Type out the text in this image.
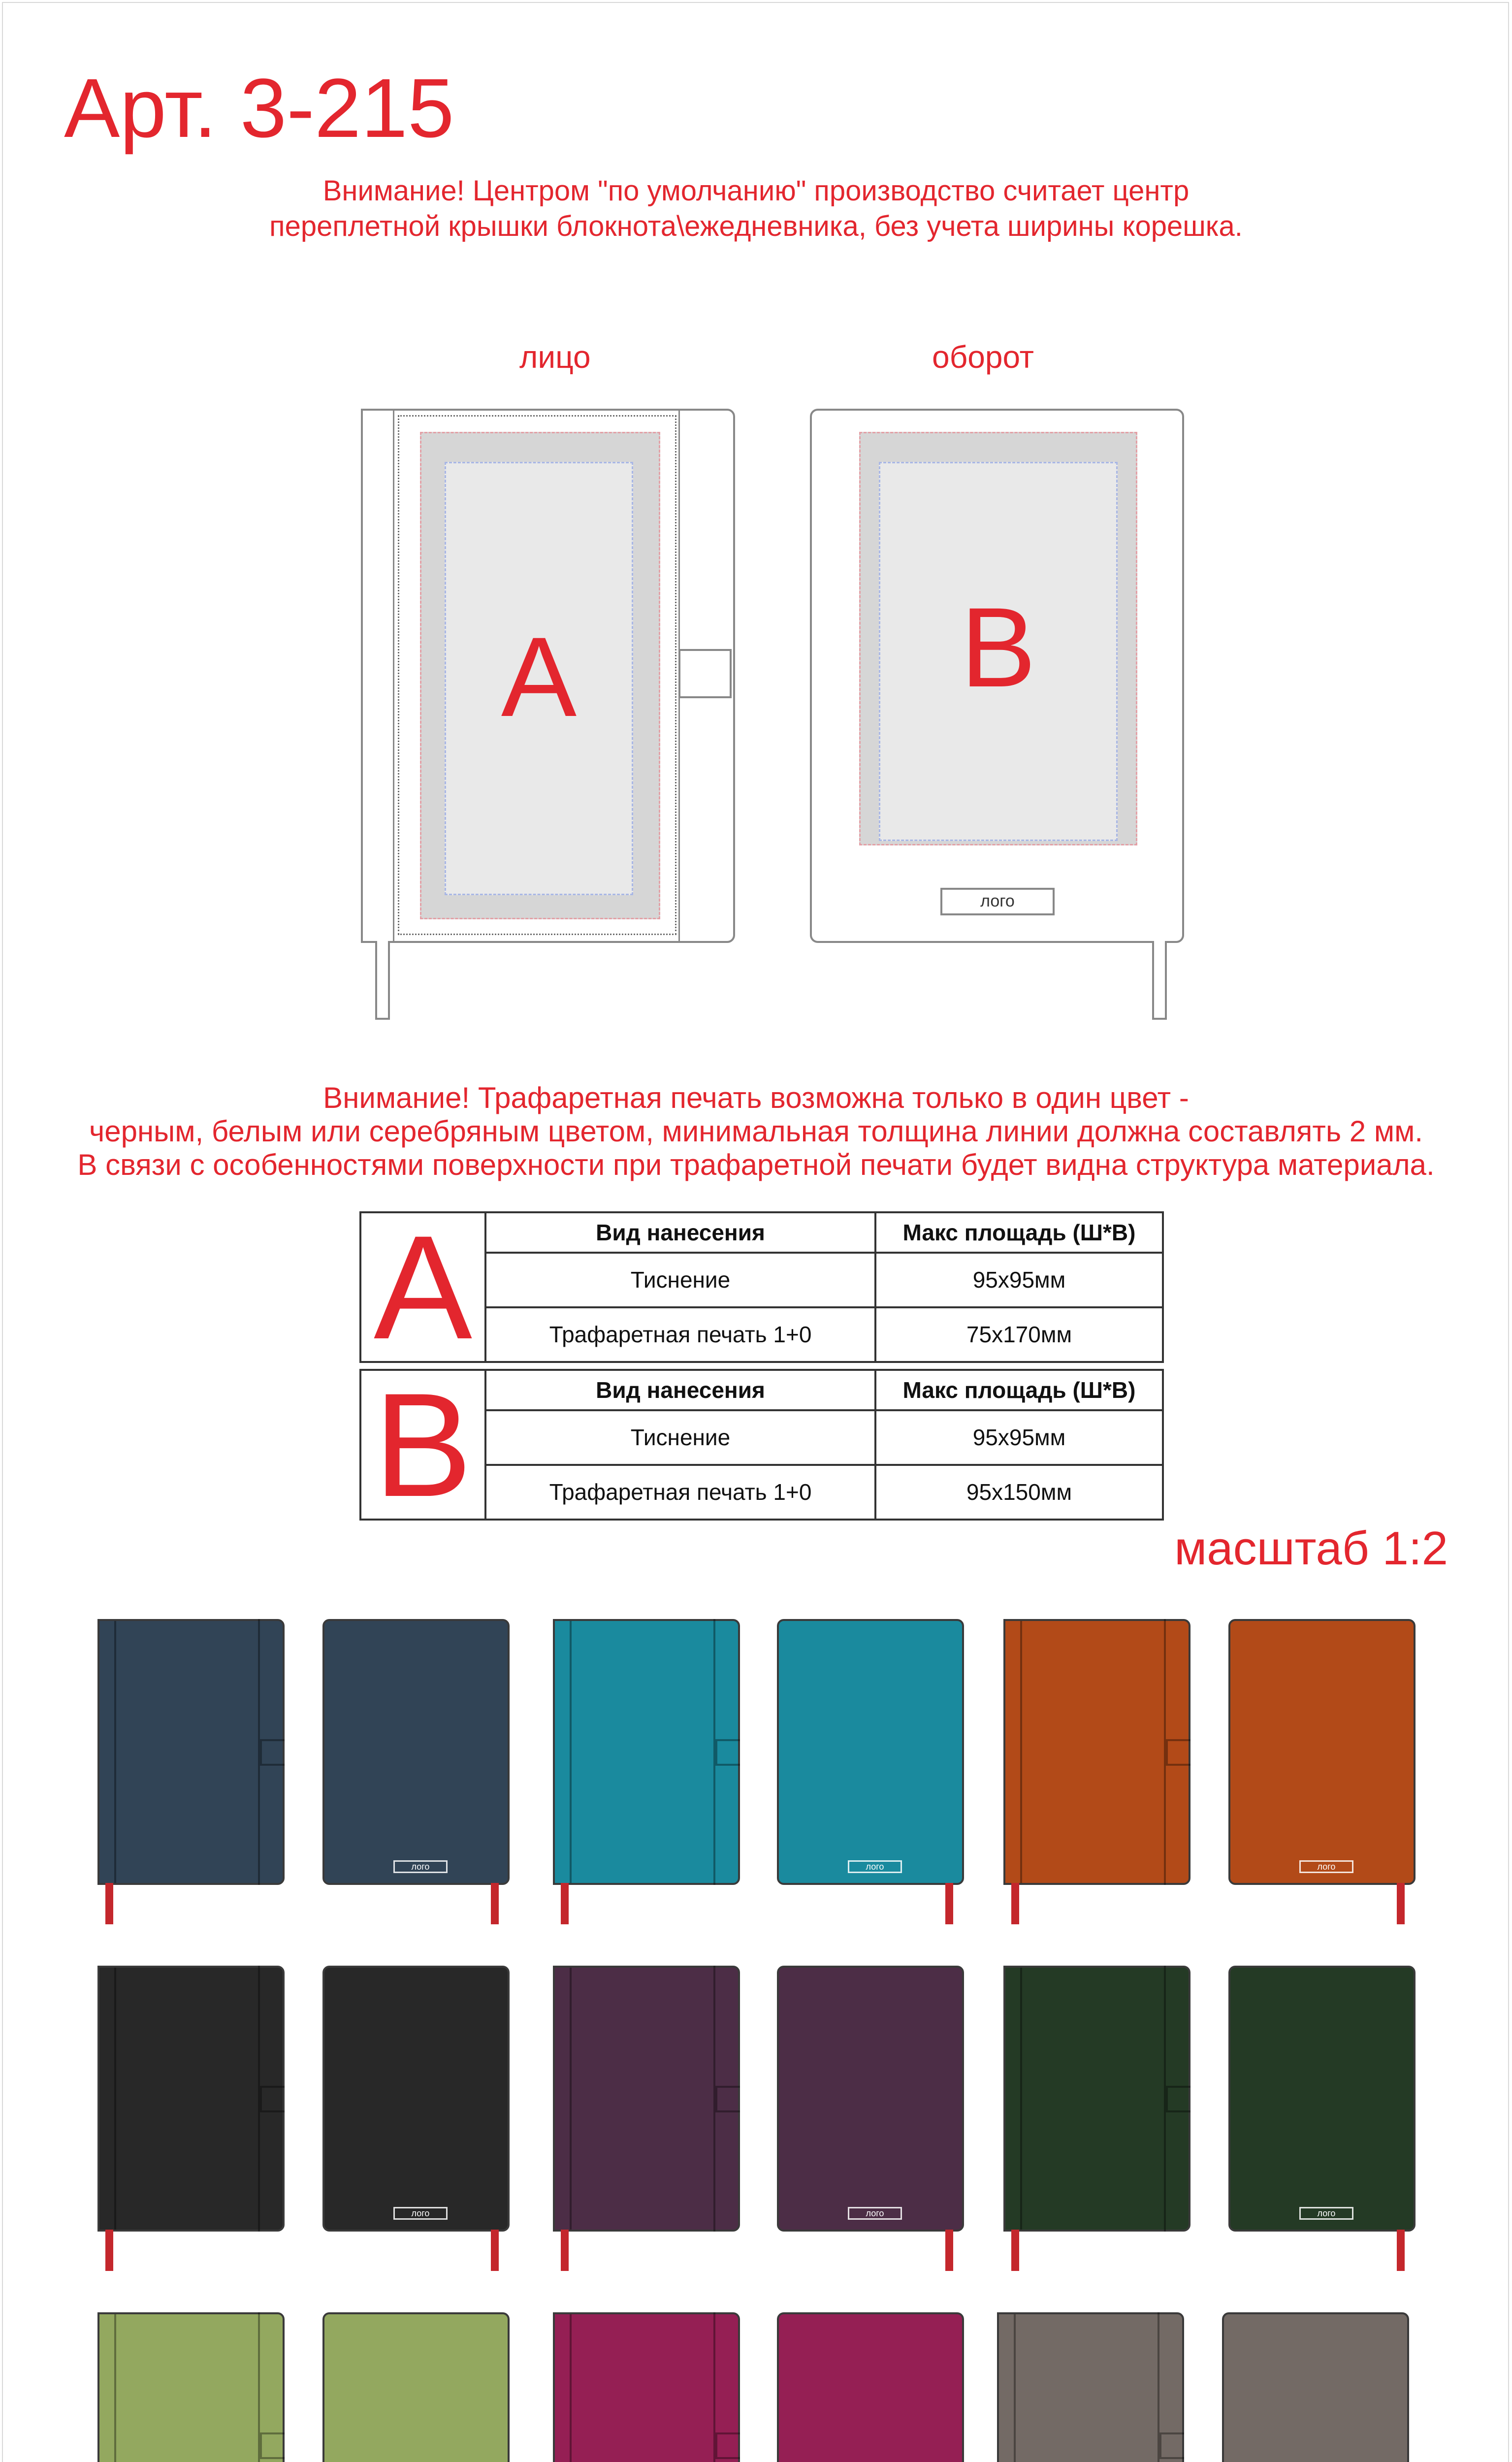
Арт. 3-215
Внимание! Центром "по умолчанию" производство считает центр
переплетной крышки блокнота\ежедневника, без учета ширины корешка.
лицо
A
оборот
B
лого
Внимание! Трафаретная печать возможна только в один цвет -
черным, белым или серебряным цветом, минимальная толщина линии должна составлять 2 мм.
В связи с особенностями поверхности при трафаретной печати будет видна структура материала.
A	Вид нанесения	Макс площадь (Ш*В)
	Тиснение	95x95мм
	Трафаретная печать 1+0	75x170мм
B	Вид нанесения	Макс площадь (Ш*В)
	Тиснение	95x95мм
	Трафаретная печать 1+0	95x150мм
масштаб 1:2
лого	лого	лого
лого	лого	лого
